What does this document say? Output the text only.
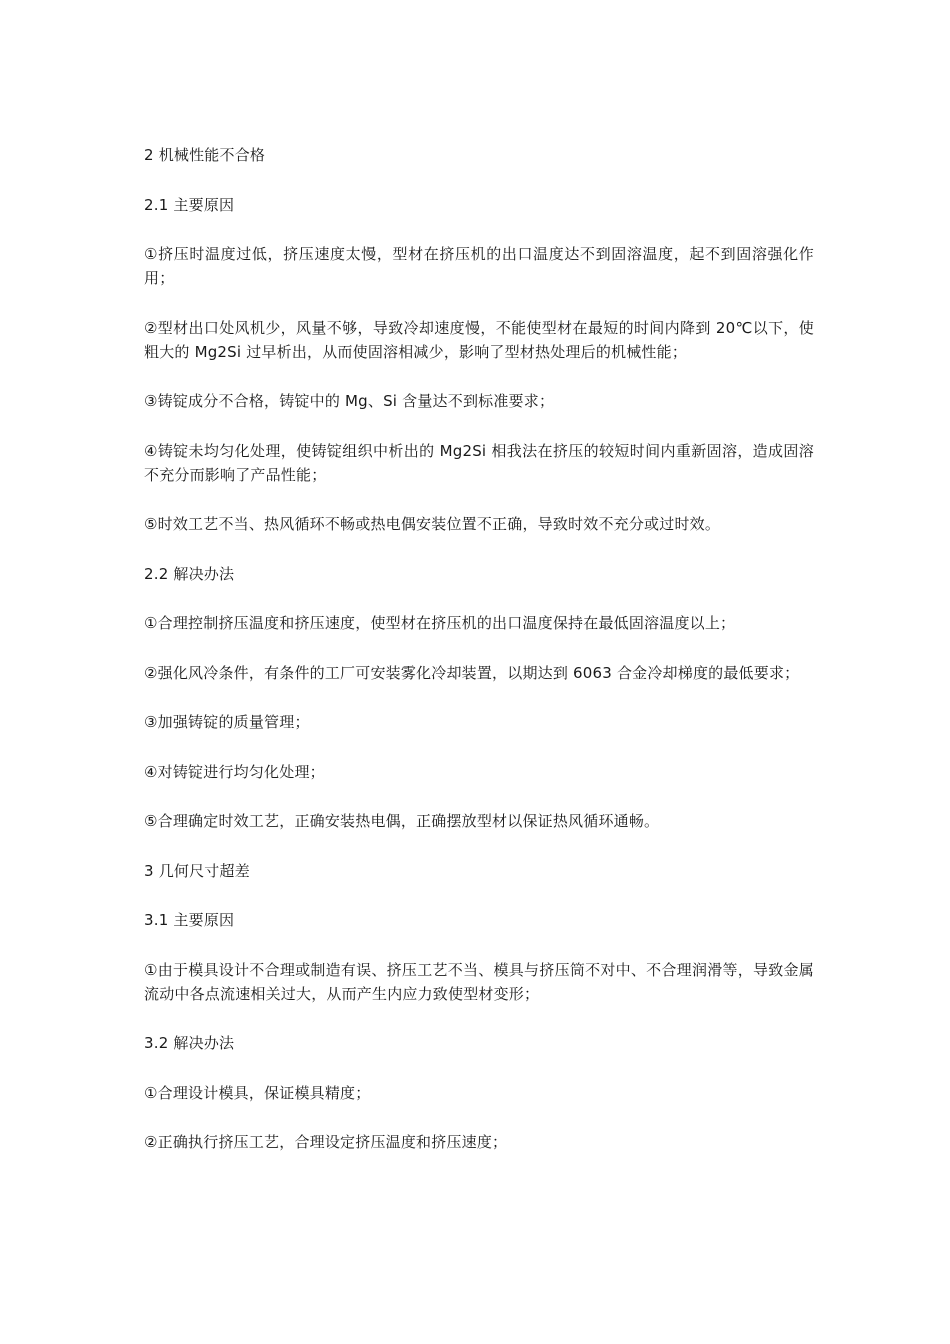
2 机械性能不合格

2.1 主要原因

①挤压时温度过低，挤压速度太慢，型材在挤压机的出口温度达不到固溶温度，起不到固溶强化作用；

②型材出口处风机少，风量不够，导致冷却速度慢，不能使型材在最短的时间内降到 20℃以下，使粗大的 Mg2Si 过早析出，从而使固溶相减少，影响了型材热处理后的机械性能；

③铸锭成分不合格，铸锭中的 Mg、Si 含量达不到标准要求；

④铸锭未均匀化处理，使铸锭组织中析出的 Mg2Si 相我法在挤压的较短时间内重新固溶，造成固溶不充分而影响了产品性能；

⑤时效工艺不当、热风循环不畅或热电偶安装位置不正确，导致时效不充分或过时效。

2.2 解决办法

①合理控制挤压温度和挤压速度，使型材在挤压机的出口温度保持在最低固溶温度以上；

②强化风冷条件，有条件的工厂可安装雾化冷却装置，以期达到 6063 合金冷却梯度的最低要求；

③加强铸锭的质量管理；

④对铸锭进行均匀化处理；

⑤合理确定时效工艺，正确安装热电偶，正确摆放型材以保证热风循环通畅。

3 几何尺寸超差

3.1 主要原因

①由于模具设计不合理或制造有误、挤压工艺不当、模具与挤压筒不对中、不合理润滑等，导致金属流动中各点流速相关过大，从而产生内应力致使型材变形；

3.2 解决办法

①合理设计模具，保证模具精度；

②正确执行挤压工艺，合理设定挤压温度和挤压速度；
